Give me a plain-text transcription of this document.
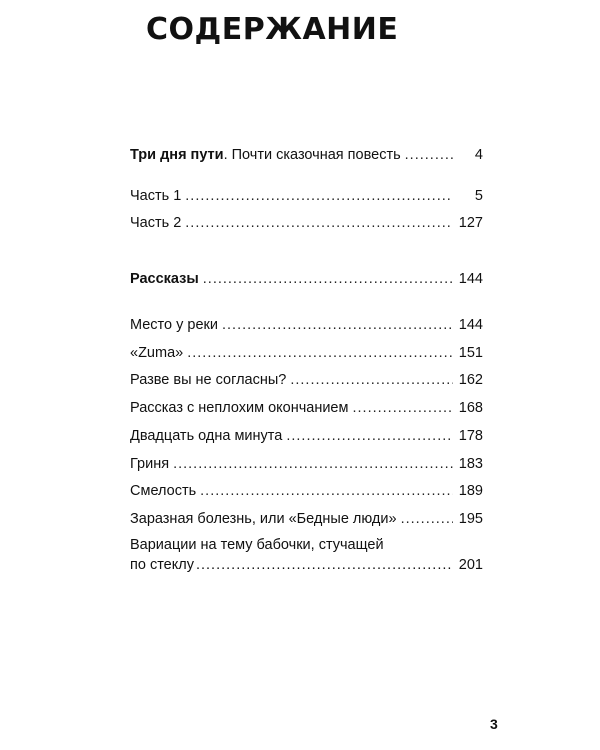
СОДЕРЖАНИЕ
Три дня пути. Почти сказочная повесть .....	4
Часть 1 .....	5
Часть 2 .....	127
Рассказы .....	144
Место у реки .....	144
«Zuma» .....	151
Разве вы не согласны? .....	162
Рассказ с неплохим окончанием .....	168
Двадцать одна минута .....	178
Гриня .....	183
Смелость .....	189
Заразная болезнь, или «Бедные люди» .....	195
Вариации на тему бабочки, стучащей
по стеклу .....	201
3
